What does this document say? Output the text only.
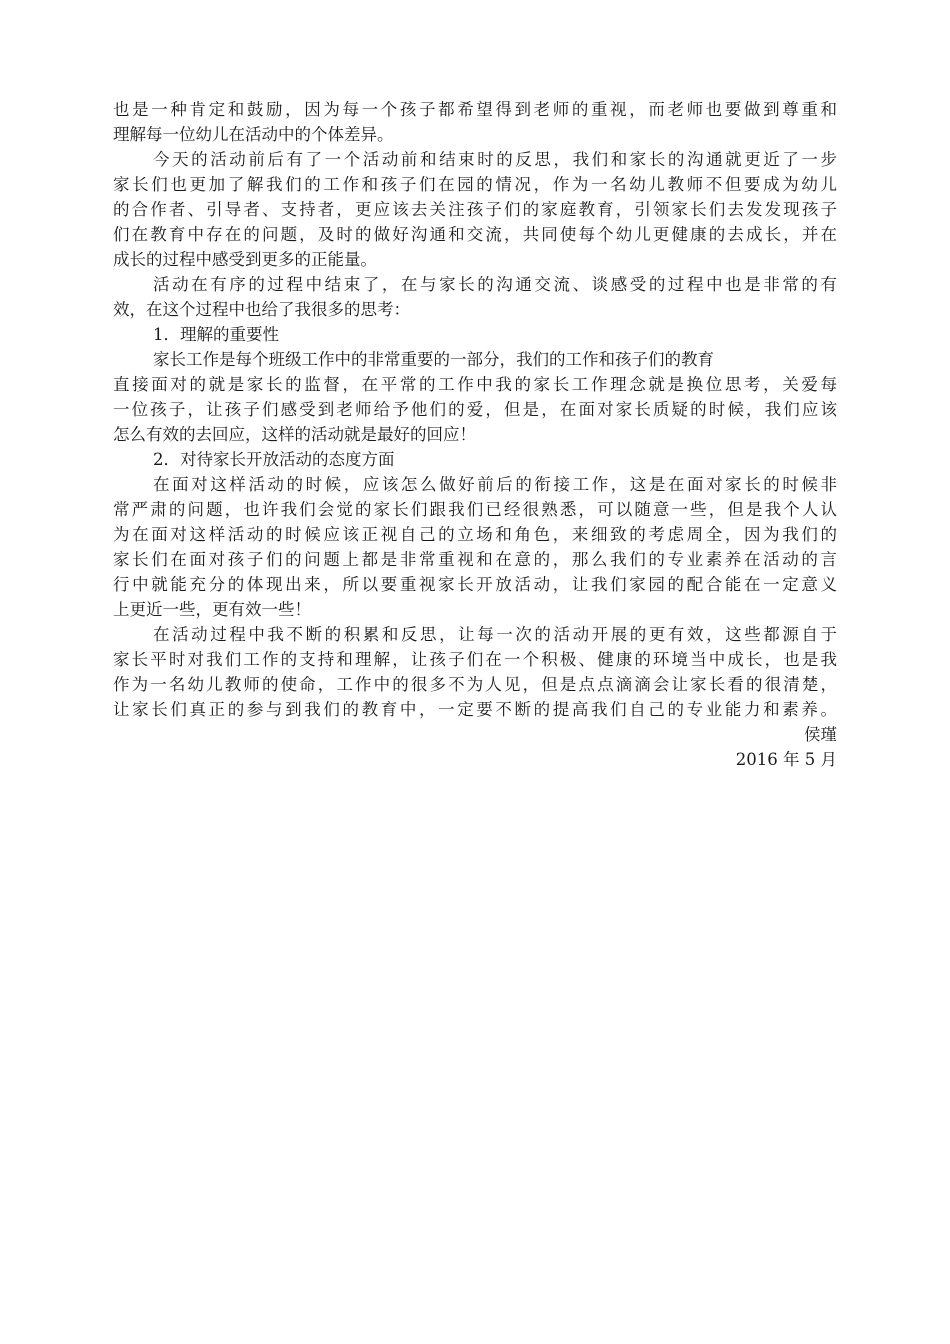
也是一种肯定和鼓励，因为每一个孩子都希望得到老师的重视，而老师也要做到尊重和
理解每一位幼儿在活动中的个体差异。
今天的活动前后有了一个活动前和结束时的反思，我们和家长的沟通就更近了一步
家长们也更加了解我们的工作和孩子们在园的情况，作为一名幼儿教师不但要成为幼儿
的合作者、引导者、支持者，更应该去关注孩子们的家庭教育，引领家长们去发发现孩子
们在教育中存在的问题，及时的做好沟通和交流，共同使每个幼儿更健康的去成长，并在
成长的过程中感受到更多的正能量。
活动在有序的过程中结束了，在与家长的沟通交流、谈感受的过程中也是非常的有
效，在这个过程中也给了我很多的思考：
1．理解的重要性
家长工作是每个班级工作中的非常重要的一部分，我们的工作和孩子们的教育
直接面对的就是家长的监督，在平常的工作中我的家长工作理念就是换位思考，关爱每
一位孩子，让孩子们感受到老师给予他们的爱，但是，在面对家长质疑的时候，我们应该
怎么有效的去回应，这样的活动就是最好的回应！
2．对待家长开放活动的态度方面
在面对这样活动的时候，应该怎么做好前后的衔接工作，这是在面对家长的时候非
常严肃的问题，也许我们会觉的家长们跟我们已经很熟悉，可以随意一些，但是我个人认
为在面对这样活动的时候应该正视自己的立场和角色，来细致的考虑周全，因为我们的
家长们在面对孩子们的问题上都是非常重视和在意的，那么我们的专业素养在活动的言
行中就能充分的体现出来，所以要重视家长开放活动，让我们家园的配合能在一定意义
上更近一些，更有效一些！
在活动过程中我不断的积累和反思，让每一次的活动开展的更有效，这些都源自于
家长平时对我们工作的支持和理解，让孩子们在一个积极、健康的环境当中成长，也是我
作为一名幼儿教师的使命，工作中的很多不为人见，但是点点滴滴会让家长看的很清楚，
让家长们真正的参与到我们的教育中，一定要不断的提高我们自己的专业能力和素养。
侯瑾
2016 年 5 月
